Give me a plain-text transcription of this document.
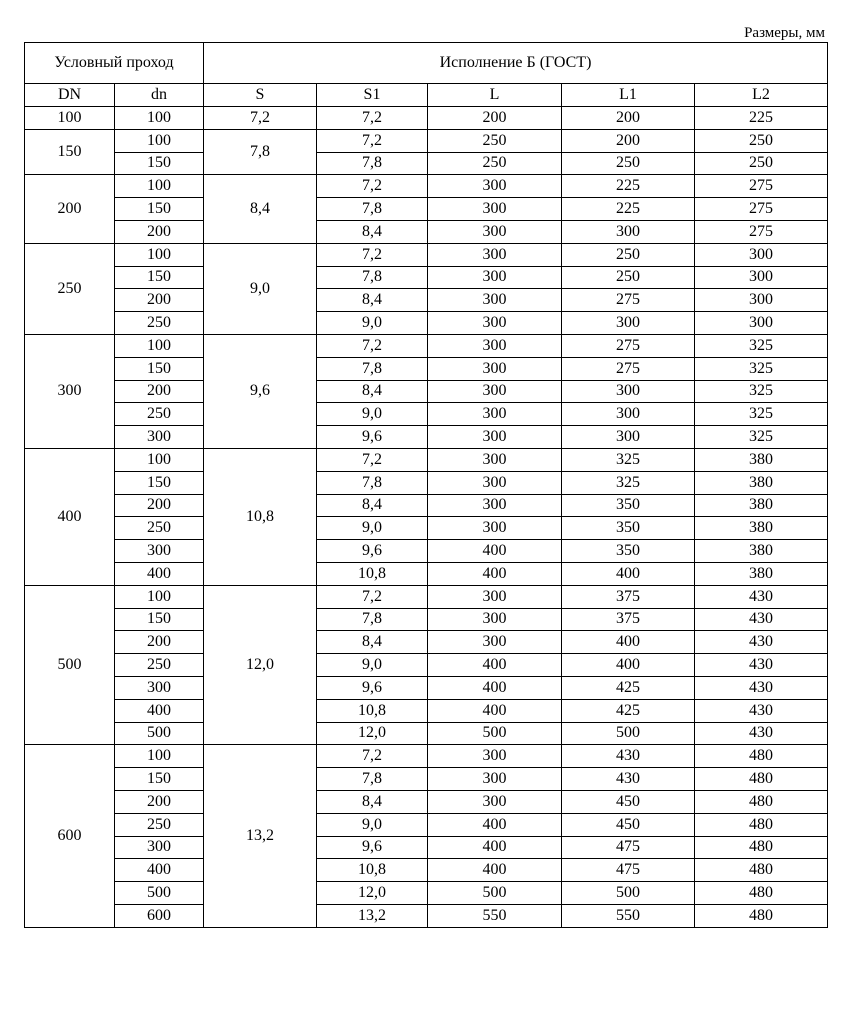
Размеры, мм
Условный проход		Исполнение Б (ГОСТ)				
DN	dn	S	S1	L	L1	L2
100	100	7,2	7,2	200	200	225
150	100	7,8	7,2	250	200	250
	150		7,8	250	250	250
200	100	8,4	7,2	300	225	275
	150		7,8	300	225	275
	200		8,4	300	300	275
250	100	9,0	7,2	300	250	300
	150		7,8	300	250	300
	200		8,4	300	275	300
	250		9,0	300	300	300
300	100	9,6	7,2	300	275	325
	150		7,8	300	275	325
	200		8,4	300	300	325
	250		9,0	300	300	325
	300		9,6	300	300	325
400	100	10,8	7,2	300	325	380
	150		7,8	300	325	380
	200		8,4	300	350	380
	250		9,0	300	350	380
	300		9,6	400	350	380
	400		10,8	400	400	380
500	100	12,0	7,2	300	375	430
	150		7,8	300	375	430
	200		8,4	300	400	430
	250		9,0	400	400	430
	300		9,6	400	425	430
	400		10,8	400	425	430
	500		12,0	500	500	430
600	100	13,2	7,2	300	430	480
	150		7,8	300	430	480
	200		8,4	300	450	480
	250		9,0	400	450	480
	300		9,6	400	475	480
	400		10,8	400	475	480
	500		12,0	500	500	480
	600		13,2	550	550	480
